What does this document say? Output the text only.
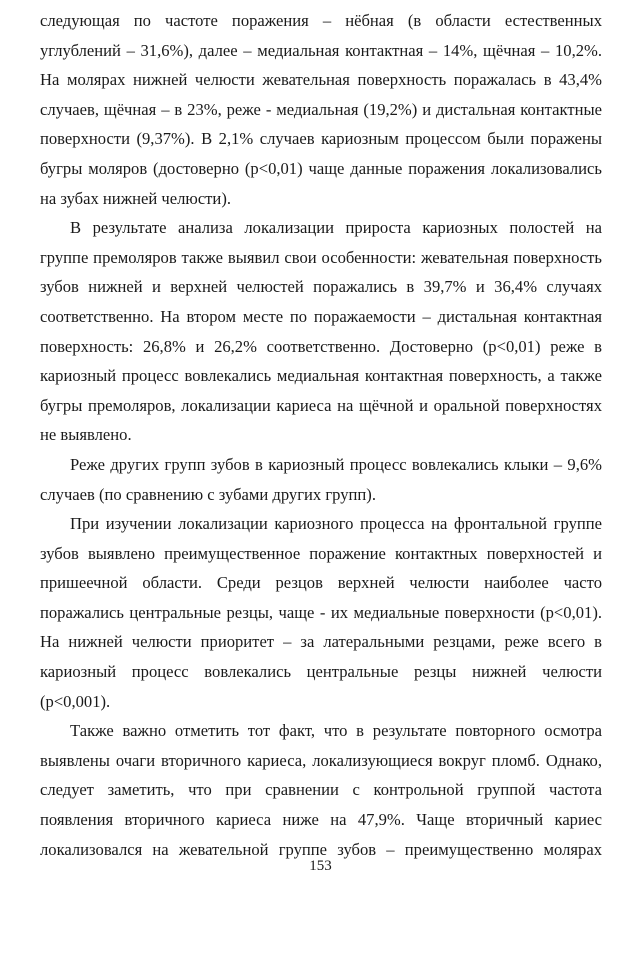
следующая по частоте поражения – нёбная (в области естественных
углублений – 31,6%), далее – медиальная контактная – 14%, щёчная – 10,2%.
На молярах нижней челюсти жевательная поверхность поражалась в 43,4%
случаев, щёчная – в 23%, реже - медиальная (19,2%) и дистальная контактные
поверхности (9,37%). В 2,1% случаев кариозным процессом были поражены
бугры моляров (достоверно (p<0,01) чаще данные поражения локализовались
на зубах нижней челюсти).
В результате анализа локализации прироста кариозных полостей на
группе премоляров также выявил свои особенности: жевательная поверхность
зубов нижней и верхней челюстей поражались в 39,7% и 36,4% случаях
соответственно. На втором месте по поражаемости – дистальная контактная
поверхность: 26,8% и 26,2% соответственно. Достоверно (p<0,01) реже в
кариозный процесс вовлекались медиальная контактная поверхность, а также
бугры премоляров, локализации кариеса на щёчной и оральной поверхностях
не выявлено.
Реже других групп зубов в кариозный процесс вовлекались клыки – 9,6%
случаев (по сравнению с зубами других групп).
При изучении локализации кариозного процесса на фронтальной группе
зубов выявлено преимущественное поражение контактных поверхностей и
пришеечной области. Среди резцов верхней челюсти наиболее часто
поражались центральные резцы, чаще - их медиальные поверхности (p<0,01).
На нижней челюсти приоритет – за латеральными резцами, реже всего в
кариозный процесс вовлекались центральные резцы нижней челюсти
(p<0,001).
Также важно отметить тот факт, что в результате повторного осмотра
выявлены очаги вторичного кариеса, локализующиеся вокруг пломб. Однако,
следует заметить, что при сравнении с контрольной группой частота
появления вторичного кариеса ниже на 47,9%. Чаще вторичный кариес
локализовался на жевательной группе зубов – преимущественно молярах
153
